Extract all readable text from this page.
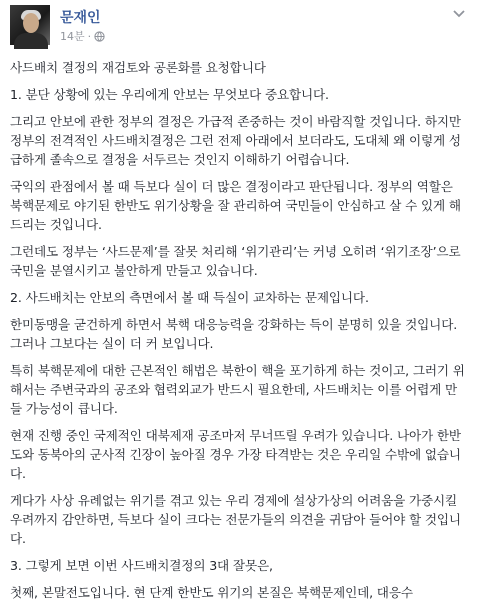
문재인
14분 ·

사드배치 결정의 재검토와 공론화를 요청합니다

1. 분단 상황에 있는 우리에게 안보는 무엇보다 중요합니다.

그리고 안보에 관한 정부의 결정은 가급적 존중하는 것이 바람직할 것입니다. 하지만 정부의 전격적인 사드배치결정은 그런 전제 아래에서 보더라도, 도대체 왜 이렇게 성급하게 졸속으로 결정을 서두르는 것인지 이해하기 어렵습니다.

국익의 관점에서 볼 때 득보다 실이 더 많은 결정이라고 판단됩니다. 정부의 역할은 북핵문제로 야기된 한반도 위기상황을 잘 관리하여 국민들이 안심하고 살 수 있게 해드리는 것입니다.

그런데도 정부는 ‘사드문제’를 잘못 처리해 ‘위기관리’는 커녕 오히려 ‘위기조장’으로 국민을 분열시키고 불안하게 만들고 있습니다.

2. 사드배치는 안보의 측면에서 볼 때 득실이 교차하는 문제입니다.

한미동맹을 굳건하게 하면서 북핵 대응능력을 강화하는 득이 분명히 있을 것입니다. 그러나 그보다는 실이 더 커 보입니다.

특히 북핵문제에 대한 근본적인 해법은 북한이 핵을 포기하게 하는 것이고, 그러기 위해서는 주변국과의 공조와 협력외교가 반드시 필요한데, 사드배치는 이를 어렵게 만들 가능성이 큽니다.

현재 진행 중인 국제적인 대북제재 공조마저 무너뜨릴 우려가 있습니다. 나아가 한반도와 동북아의 군사적 긴장이 높아질 경우 가장 타격받는 것은 우리일 수밖에 없습니다.

게다가 사상 유례없는 위기를 겪고 있는 우리 경제에 설상가상의 어려움을 가중시킬 우려까지 감안하면, 득보다 실이 크다는 전문가들의 의견을 귀담아 들어야 할 것입니다.

3. 그렇게 보면 이번 사드배치결정의 3대 잘못은,

첫째, 본말전도입니다. 현 단계 한반도 위기의 본질은 북핵문제인데, 대응수
